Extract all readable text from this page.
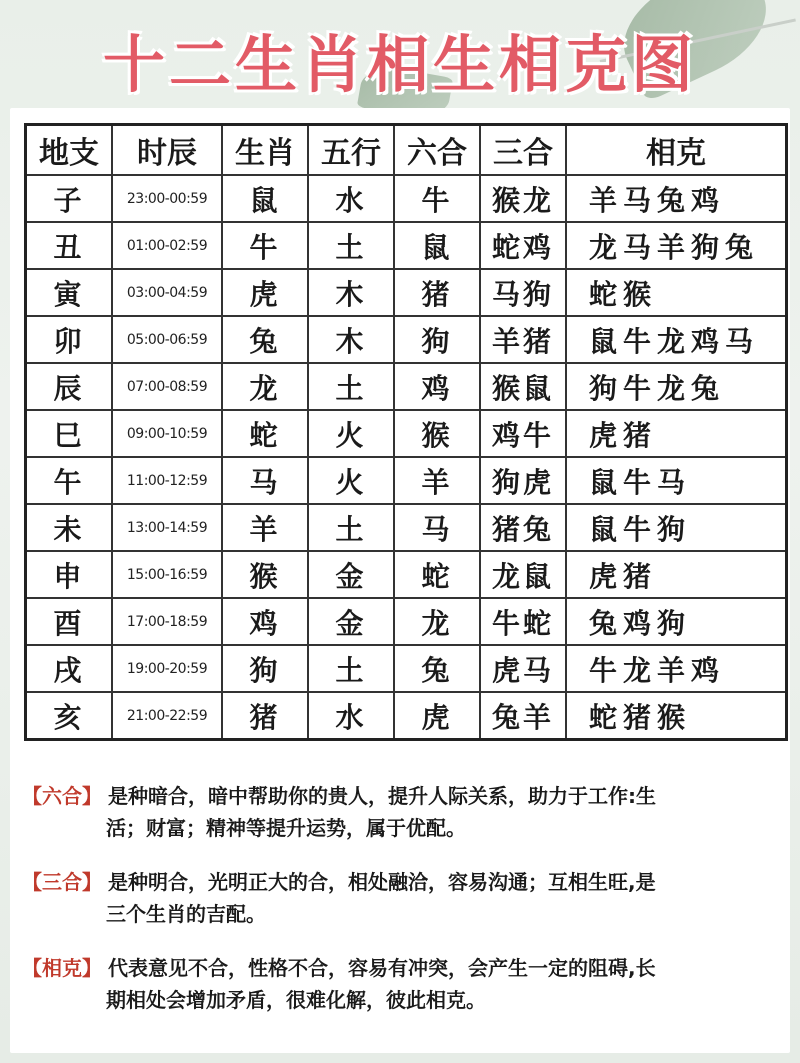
十二生肖相生相克图
地支	时辰	生肖	五行	六合	三合	相克
子	23:00-00:59	鼠	水	牛	猴龙	羊马兔鸡
丑	01:00-02:59	牛	土	鼠	蛇鸡	龙马羊狗兔
寅	03:00-04:59	虎	木	猪	马狗	蛇猴
卯	05:00-06:59	兔	木	狗	羊猪	鼠牛龙鸡马
辰	07:00-08:59	龙	土	鸡	猴鼠	狗牛龙兔
巳	09:00-10:59	蛇	火	猴	鸡牛	虎猪
午	11:00-12:59	马	火	羊	狗虎	鼠牛马
未	13:00-14:59	羊	土	马	猪兔	鼠牛狗
申	15:00-16:59	猴	金	蛇	龙鼠	虎猪
酉	17:00-18:59	鸡	金	龙	牛蛇	兔鸡狗
戌	19:00-20:59	狗	土	兔	虎马	牛龙羊鸡
亥	21:00-22:59	猪	水	虎	兔羊	蛇猪猴
【六合】 是种暗合，暗中帮助你的贵人，提升人际关系，助力于工作:生
活；财富；精神等提升运势，属于优配。
【三合】 是种明合，光明正大的合，相处融洽，容易沟通；互相生旺,是
三个生肖的吉配。
【相克】 代表意见不合，性格不合，容易有冲突，会产生一定的阻碍,长
期相处会增加矛盾，很难化解，彼此相克。
